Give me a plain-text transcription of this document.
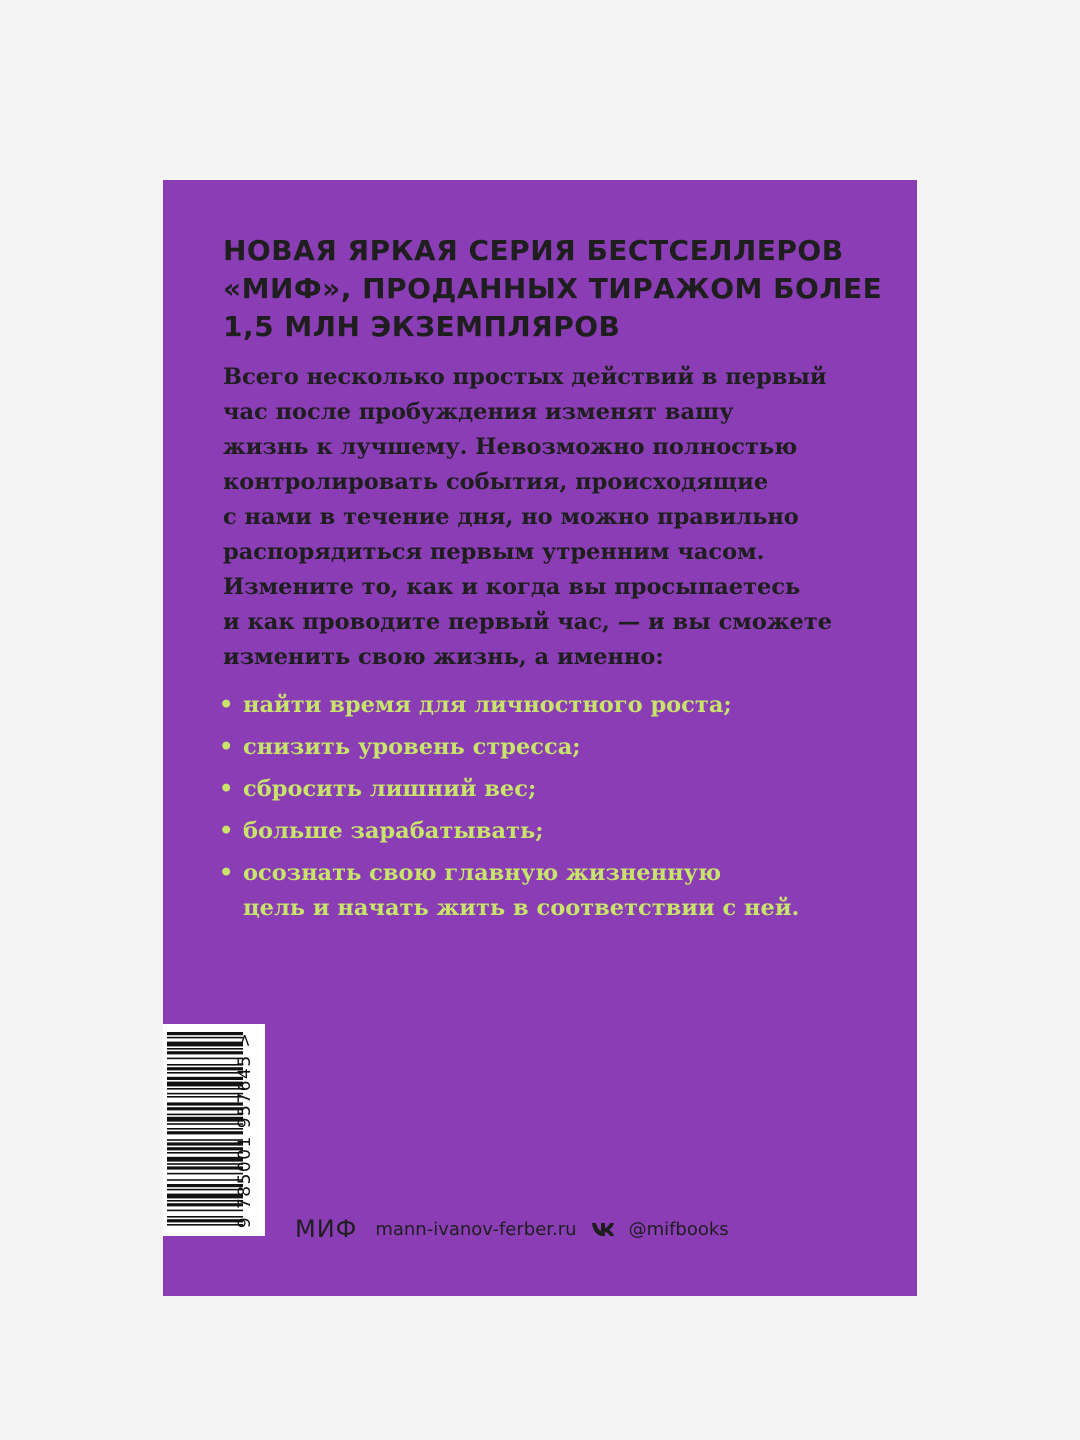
НОВАЯ ЯРКАЯ СЕРИЯ БЕСТСЕЛЛЕРОВ
«МИФ», ПРОДАННЫХ ТИРАЖОМ БОЛЕЕ
1,5 МЛН ЭКЗЕМПЛЯРОВ

Всего несколько простых действий в первый
час после пробуждения изменят вашу
жизнь к лучшему. Невозможно полностью
контролировать события, происходящие
с нами в течение дня, но можно правильно
распорядиться первым утренним часом.
Измените то, как и когда вы просыпаетесь
и как проводите первый час, — и вы сможете
изменить свою жизнь, а именно:

• найти время для личностного роста;
• снизить уровень стресса;
• сбросить лишний вес;
• больше зарабатывать;
• осознать свою главную жизненную
цель и начать жить в соответствии с ней.
9 785001 957645 >
МИФ mann-ivanov-ferber.ru	@mifbooks
